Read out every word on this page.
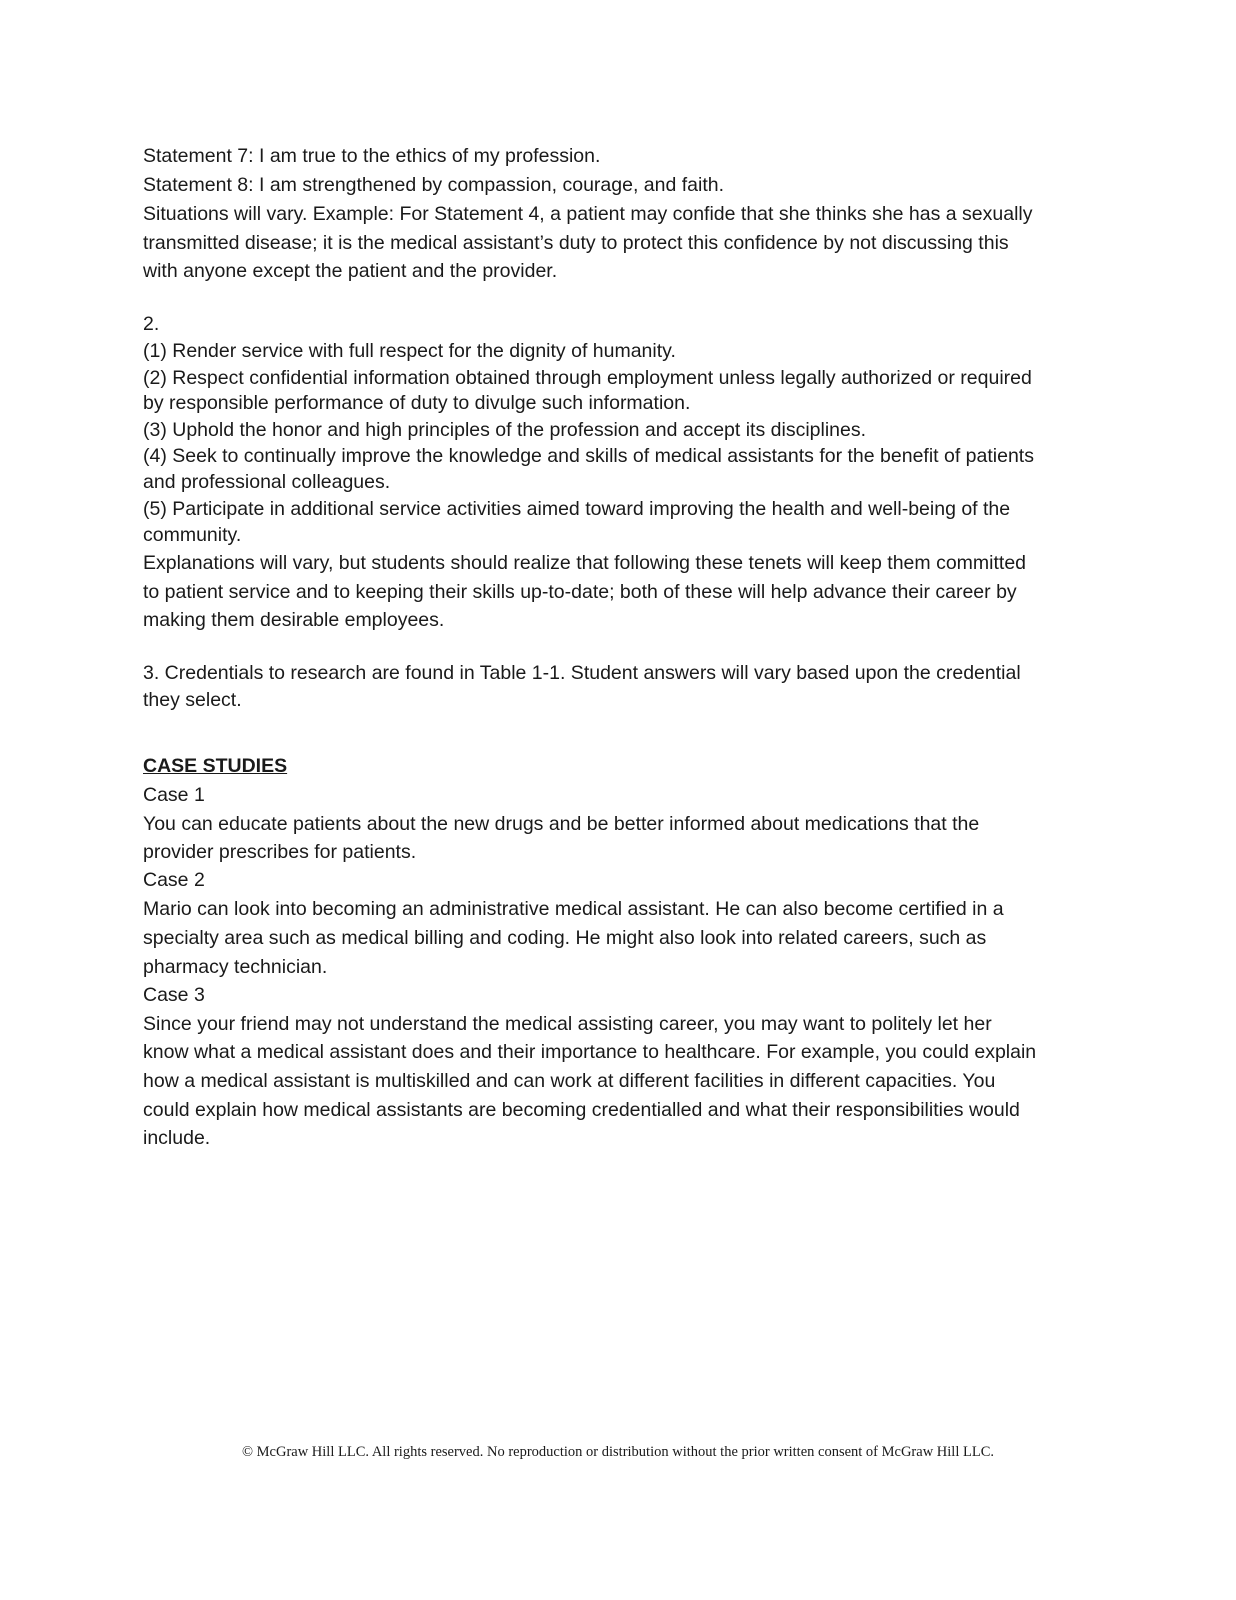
Statement 7: I am true to the ethics of my profession.

Statement 8: I am strengthened by compassion, courage, and faith.

Situations will vary. Example: For Statement 4, a patient may confide that she thinks she has a sexually

transmitted disease; it is the medical assistant’s duty to protect this confidence by not discussing this

with anyone except the patient and the provider.

2.

(1) Render service with full respect for the dignity of humanity.

(2) Respect confidential information obtained through employment unless legally authorized or required

by responsible performance of duty to divulge such information.

(3) Uphold the honor and high principles of the profession and accept its disciplines.

(4) Seek to continually improve the knowledge and skills of medical assistants for the benefit of patients

and professional colleagues.

(5) Participate in additional service activities aimed toward improving the health and well-being of the

community.

Explanations will vary, but students should realize that following these tenets will keep them committed

to patient service and to keeping their skills up-to-date; both of these will help advance their career by

making them desirable employees.

3. Credentials to research are found in Table 1-1. Student answers will vary based upon the credential

they select.

CASE STUDIES

Case 1

You can educate patients about the new drugs and be better informed about medications that the

provider prescribes for patients.

Case 2

Mario can look into becoming an administrative medical assistant. He can also become certified in a

specialty area such as medical billing and coding. He might also look into related careers, such as

pharmacy technician.

Case 3

Since your friend may not understand the medical assisting career, you may want to politely let her

know what a medical assistant does and their importance to healthcare. For example, you could explain

how a medical assistant is multiskilled and can work at different facilities in different capacities. You

could explain how medical assistants are becoming credentialled and what their responsibilities would

include.

© McGraw Hill LLC. All rights reserved. No reproduction or distribution without the prior written consent of McGraw Hill LLC.
